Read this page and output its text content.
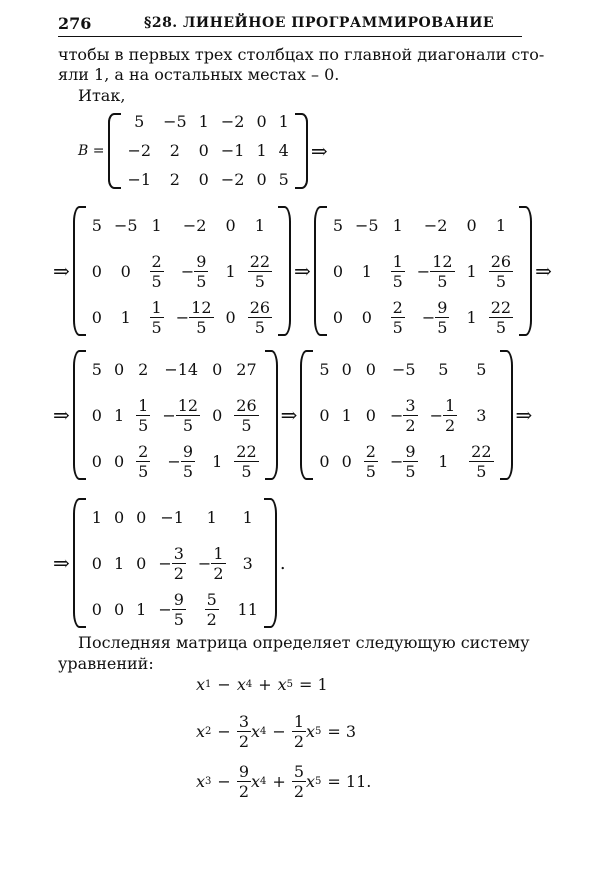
276	§28. ЛИНЕЙНОЕ ПРОГРАММИРОВАНИЕ
чтобы в первых трех столбцах по главной диагонали сто-
яли 1, а на остальных местах – 0.
Итак,
B =
5	− 5	1	− 2	0	1

− 2	2	0	− 1	1	4

− 1	2	0	− 2	0	5
⇒
⇒
5	− 5	1	− 2	0	1

0	0	$\frac{2}{5}$	− $\frac{9}{5}$	1	$\frac{22}{5}$

0	1	$\frac{1}{5}$	− $\frac{12}{5}$	0	$\frac{26}{5}$
⇒
5	− 5	1	− 2	0	1

0	1	$\frac{1}{5}$	− $\frac{12}{5}$	1	$\frac{26}{5}$

0	0	$\frac{2}{5}$	− $\frac{9}{5}$	1	$\frac{22}{5}$
⇒
⇒
5	0	2	− 14	0	27

0	1	$\frac{1}{5}$	− $\frac{12}{5}$	0	$\frac{26}{5}$

0	0	$\frac{2}{5}$	− $\frac{9}{5}$	1	$\frac{22}{5}$
⇒
5	0	0	− 5	5	5

0	1	0	− $\frac{3}{2}$	− $\frac{1}{2}$	3

0	0	$\frac{2}{5}$	− $\frac{9}{5}$	1	$\frac{22}{5}$
⇒
⇒
1	0	0	− 1	1	1

0	1	0	− $\frac{3}{2}$	− $\frac{1}{2}$	3

0	0	1	− $\frac{9}{5}$	$\frac{5}{2}$	11
.
Последняя матрица определяет следующую систему
уравнений:
x 1 − x 4 + x 5 = 1
x $2 - \frac{3}{2}$ x $4 - \frac{1}{2}$ x 5 = 3
x $3 - \frac{9}{2}$ x $4 + \frac{5}{2}$ x 5 = 11.
